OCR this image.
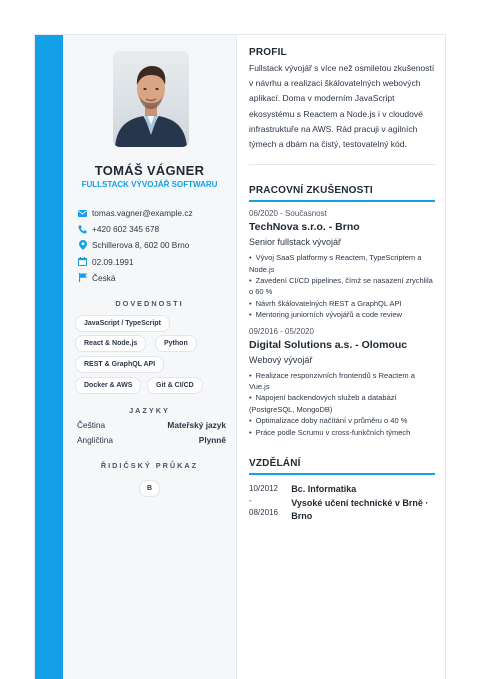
TOMÁŠ VÁGNER
FULLSTACK VÝVOJÁŘ SOFTWARU
tomas.vagner@example.cz
+420 602 345 678
Schillerova 8, 602 00 Brno
02.09.1991
Česká
DOVEDNOSTI
JavaScript / TypeScript
React & Node.js	Python
REST & GraphQL API
Docker & AWS	Git & CI/CD
JAZYKY
Čeština	Mateřský jazyk
Angličtina	Plynně
ŘIDIČSKÝ PRŮKAZ
B
PROFIL
Fullstack vývojář s více než osmiletou zkušeností v návrhu a realizaci škálovatelných webových aplikací. Doma v moderním JavaScript ekosystému s Reactem a Node.js i v cloudové infrastruktuře na AWS. Rád pracuji v agilních týmech a dbám na čistý, testovatelný kód.
PRACOVNÍ ZKUŠENOSTI
06/2020 - Současnost
TechNova s.r.o. - Brno
Senior fullstack vývojář
• Vývoj SaaS platformy s Reactem, TypeScriptem a Node.js
• Zavedení CI/CD pipelines, čímž se nasazení zrychlila o 60 %
• Návrh škálovatelných REST a GraphQL API
• Mentoring juniorních vývojářů a code review
09/2016 - 05/2020
Digital Solutions a.s. - Olomouc
Webový vývojář
• Realizace responzivních frontendů s Reactem a Vue.js
• Napojení backendových služeb a databází (PostgreSQL, MongoDB)
• Optimalizace doby načítání v průměru o 40 %
• Práce podle Scrumu v cross-funkčních týmech
VZDĚLÁNÍ
10/2012 - 08/2016
Bc. Informatika
Vysoké učení technické v Brně · Brno
